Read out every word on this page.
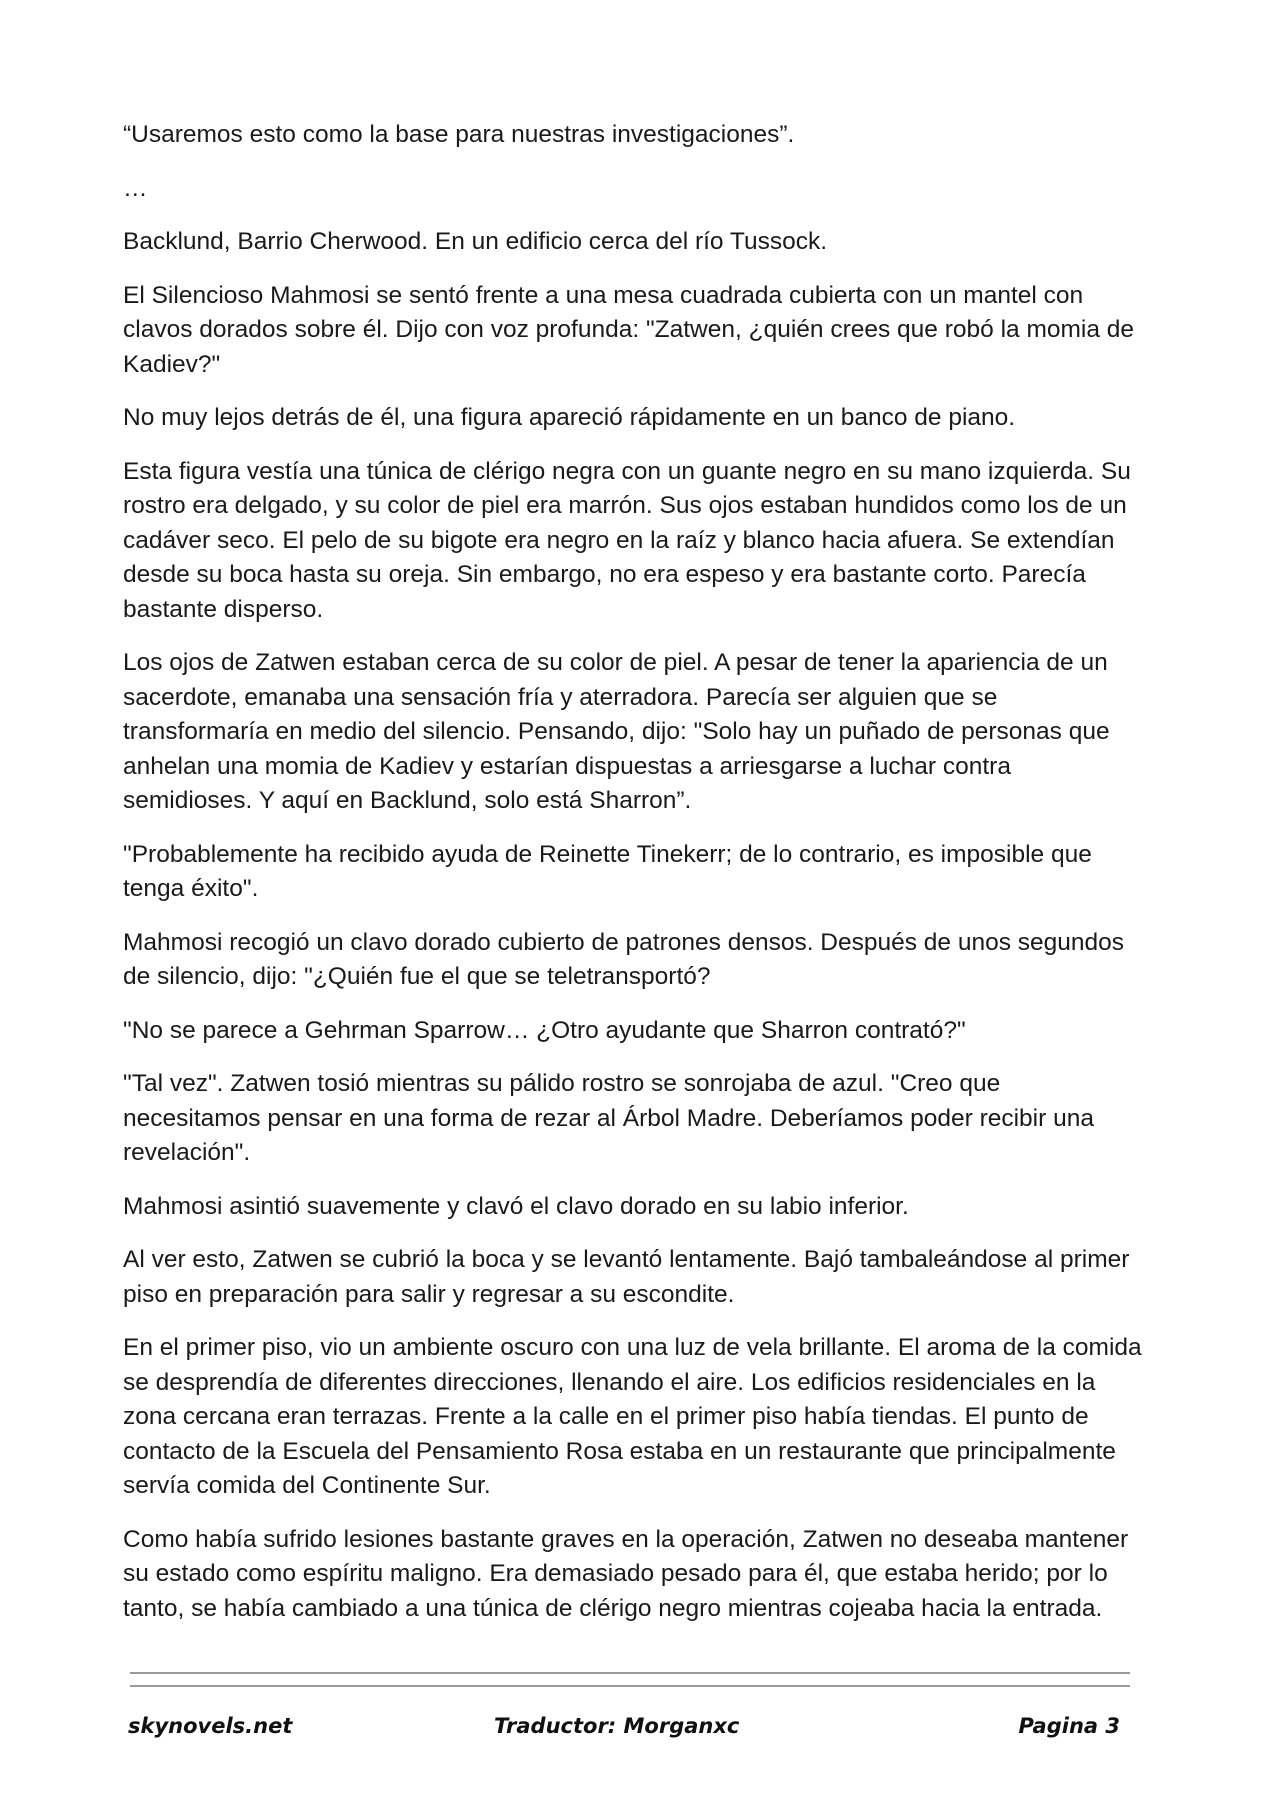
“Usaremos esto como la base para nuestras investigaciones”.

…

Backlund, Barrio Cherwood. En un edificio cerca del río Tussock.

El Silencioso Mahmosi se sentó frente a una mesa cuadrada cubierta con un mantel con clavos dorados sobre él. Dijo con voz profunda: "Zatwen, ¿quién crees que robó la momia de Kadiev?"

No muy lejos detrás de él, una figura apareció rápidamente en un banco de piano.

Esta figura vestía una túnica de clérigo negra con un guante negro en su mano izquierda. Su rostro era delgado, y su color de piel era marrón. Sus ojos estaban hundidos como los de un cadáver seco. El pelo de su bigote era negro en la raíz y blanco hacia afuera. Se extendían desde su boca hasta su oreja. Sin embargo, no era espeso y era bastante corto. Parecía bastante disperso.

Los ojos de Zatwen estaban cerca de su color de piel. A pesar de tener la apariencia de un sacerdote, emanaba una sensación fría y aterradora. Parecía ser alguien que se transformaría en medio del silencio. Pensando, dijo: "Solo hay un puñado de personas que anhelan una momia de Kadiev y estarían dispuestas a arriesgarse a luchar contra semidioses. Y aquí en Backlund, solo está Sharron”.

"Probablemente ha recibido ayuda de Reinette Tinekerr; de lo contrario, es imposible que tenga éxito".

Mahmosi recogió un clavo dorado cubierto de patrones densos. Después de unos segundos de silencio, dijo: "¿Quién fue el que se teletransportó?

"No se parece a Gehrman Sparrow… ¿Otro ayudante que Sharron contrató?"

"Tal vez". Zatwen tosió mientras su pálido rostro se sonrojaba de azul. "Creo que necesitamos pensar en una forma de rezar al Árbol Madre. Deberíamos poder recibir una revelación".

Mahmosi asintió suavemente y clavó el clavo dorado en su labio inferior.

Al ver esto, Zatwen se cubrió la boca y se levantó lentamente. Bajó tambaleándose al primer piso en preparación para salir y regresar a su escondite.

En el primer piso, vio un ambiente oscuro con una luz de vela brillante. El aroma de la comida se desprendía de diferentes direcciones, llenando el aire. Los edificios residenciales en la zona cercana eran terrazas. Frente a la calle en el primer piso había tiendas. El punto de contacto de la Escuela del Pensamiento Rosa estaba en un restaurante que principalmente servía comida del Continente Sur.

Como había sufrido lesiones bastante graves en la operación, Zatwen no deseaba mantener su estado como espíritu maligno. Era demasiado pesado para él, que estaba herido; por lo tanto, se había cambiado a una túnica de clérigo negro mientras cojeaba hacia la entrada.

skynovels.net	Traductor: Morganxc	Pagina 3
